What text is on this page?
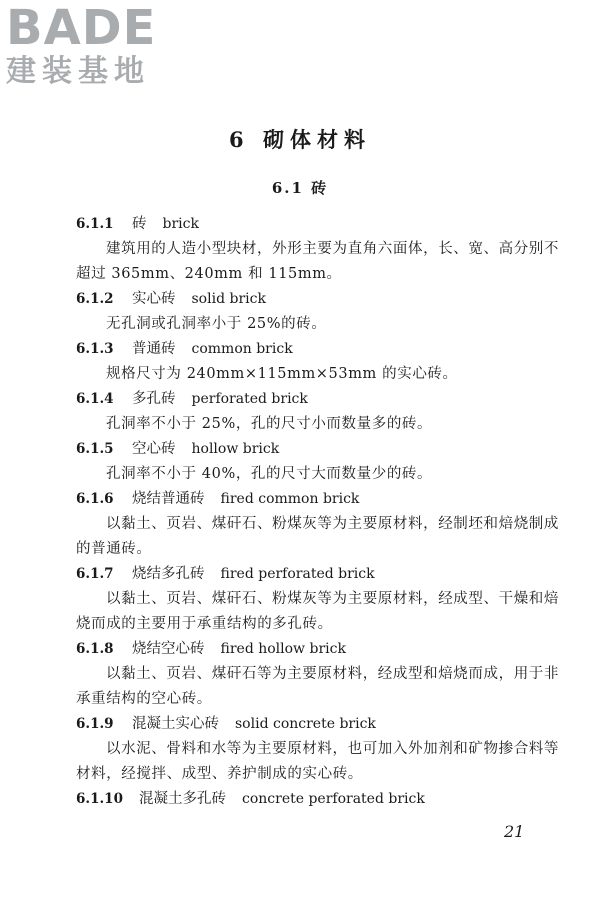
BADE
建装基地
6 砌体材料
6.1 砖
6.1.1 砖 brick
建筑用的人造小型块材，外形主要为直角六面体，长、宽、高分别不超过 365mm、240mm 和 115mm。
6.1.2 实心砖 solid brick
无孔洞或孔洞率小于 25%的砖。
6.1.3 普通砖 common brick
规格尺寸为 240mm×115mm×53mm 的实心砖。
6.1.4 多孔砖 perforated brick
孔洞率不小于 25%，孔的尺寸小而数量多的砖。
6.1.5 空心砖 hollow brick
孔洞率不小于 40%，孔的尺寸大而数量少的砖。
6.1.6 烧结普通砖 fired common brick
以黏土、页岩、煤矸石、粉煤灰等为主要原材料，经制坯和焙烧制成的普通砖。
6.1.7 烧结多孔砖 fired perforated brick
以黏土、页岩、煤矸石、粉煤灰等为主要原材料，经成型、干燥和焙烧而成的主要用于承重结构的多孔砖。
6.1.8 烧结空心砖 fired hollow brick
以黏土、页岩、煤矸石等为主要原材料，经成型和焙烧而成，用于非承重结构的空心砖。
6.1.9 混凝土实心砖 solid concrete brick
以水泥、骨料和水等为主要原材料，也可加入外加剂和矿物掺合料等材料，经搅拌、成型、养护制成的实心砖。
6.1.10 混凝土多孔砖 concrete perforated brick
21
